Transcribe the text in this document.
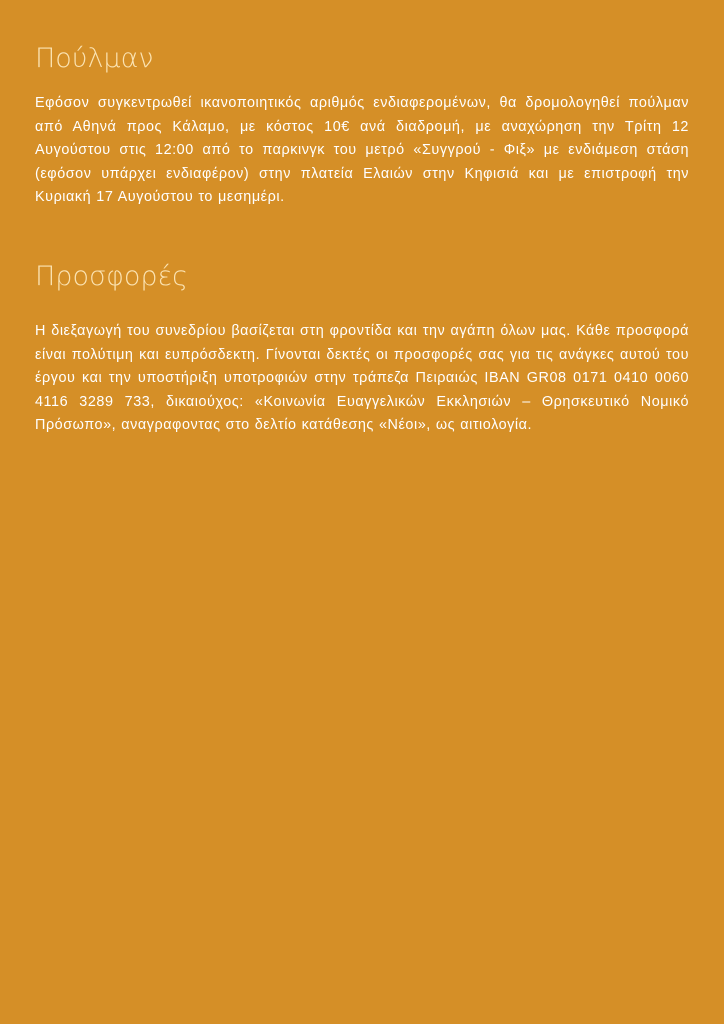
Πούλμαν

Εφόσον συγκεντρωθεί ικανοποιητικός αριθμός ενδιαφερομένων, θα δρομολογηθεί πούλμαν από Αθηνά προς Κάλαμο, με κόστος 10€ ανά διαδρομή, με αναχώρηση την Τρίτη 12 Αυγούστου στις 12:00 από το παρκινγκ του μετρό «Συγγρού - Φιξ» με ενδιάμεση στάση (εφόσον υπάρχει ενδιαφέρον) στην πλατεία Ελαιών στην Κηφισιά και με επιστροφή την Κυριακή 17 Αυγούστου το μεσημέρι.

Προσφορές

Η διεξαγωγή του συνεδρίου βασίζεται στη φροντίδα και την αγάπη όλων μας. Κάθε προσφορά είναι πολύτιμη και ευπρόσδεκτη. Γίνονται δεκτές οι προσφορές σας για τις ανάγκες αυτού του έργου και την υποστήριξη υποτροφιών στην τράπεζα Πειραιώς IBAN GR08 0171 0410 0060 4116 3289 733, δικαιούχος: «Κοινωνία Ευαγγελικών Εκκλησιών – Θρησκευτικό Νομικό Πρόσωπο», αναγραφοντας στο δελτίο κατάθεσης «Νέοι», ως αιτιολογία.
